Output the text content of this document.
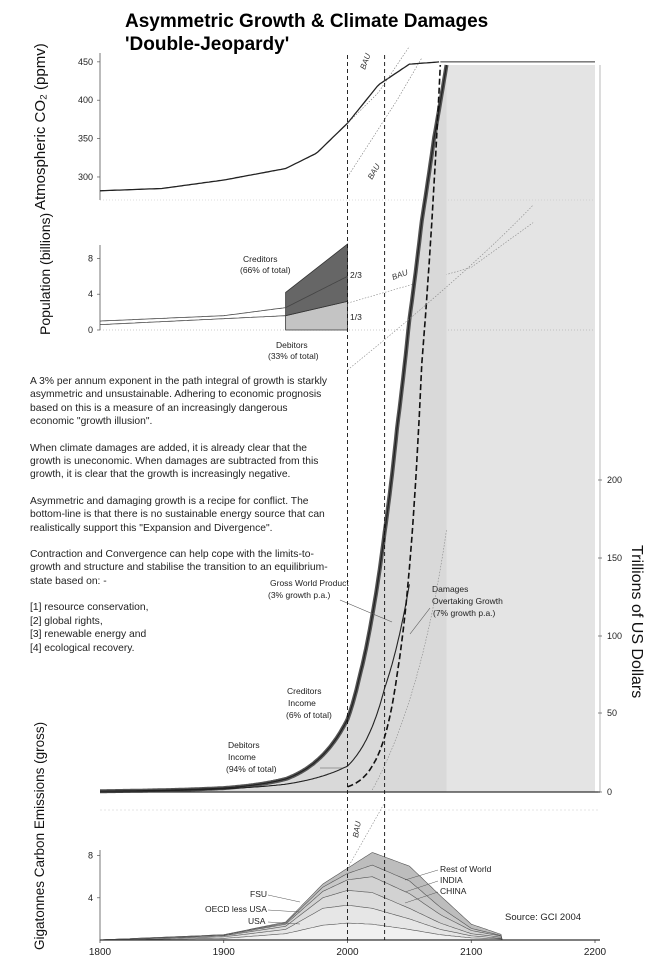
Asymmetric Growth & Climate Damages
'Double-Jeopardy'
300
350
400
450	BAU
BAU
0
4
8
BAU
Creditors
(66% of total)
Debitors
(33% of total)
2/3
1/3
0
50
100
150
200
Gross World Product
(3% growth p.a.)
Damages
Overtaking Growth
(7% growth p.a.)
Creditors
Income
(6% of total)
Debitors
Income
(94% of total)
BAU
4
8
1800	1900	2000	2100	2200
Rest of World
INDIA
CHINA
FSU
OECD less USA
USA
Atmospheric CO₂ (ppmv)
Population (billions)
Trillions of US Dollars
Gigatonnes Carbon Emissions (gross)	Source: GCI 2004

A 3% per annum exponent in the path integral of growth is starkly asymmetric and unsustainable. Adhering to economic prognosis based on this is a measure of an increasingly dangerous economic "growth illusion".

When climate damages are added, it is already clear that the growth is uneconomic. When damages are subtracted from this growth, it is clear that the growth is increasingly negative.

Asymmetric and damaging growth is a recipe for conflict. The bottom-line is that there is no sustainable energy source that can realistically support this "Expansion and Divergence".

Contraction and Convergence can help cope with the limits-to-growth and structure and stabilise the transition to an equilibrium-state based on: -

[1] resource conservation,
[2] global rights,
[3] renewable energy and
[4] ecological recovery.
